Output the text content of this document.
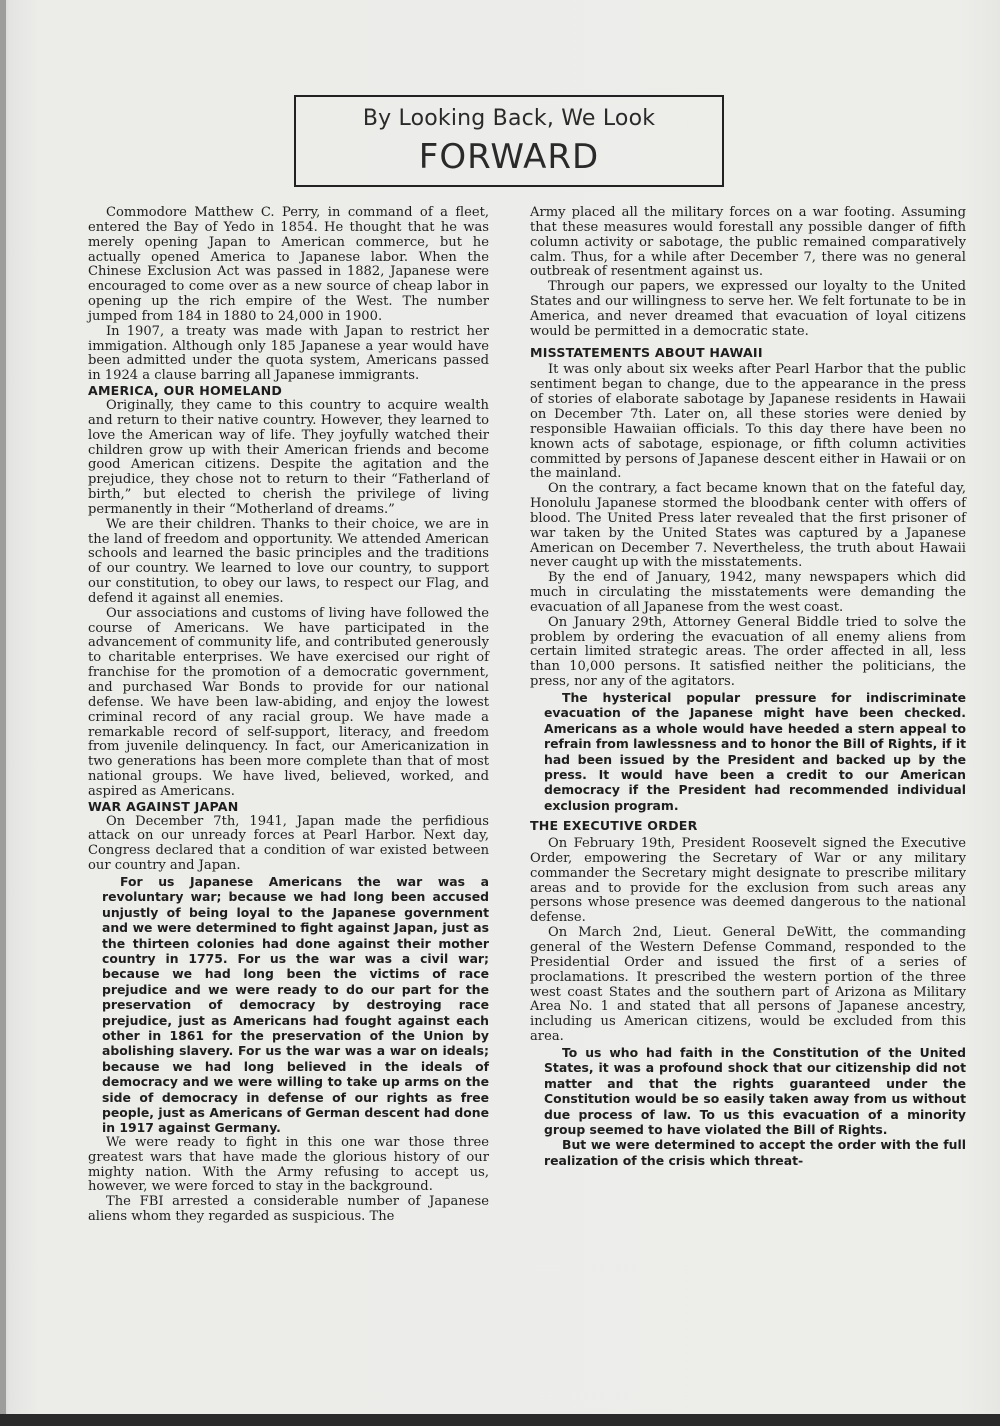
By Looking Back, We Look
FORWARD
Commodore Matthew C. Perry, in command of a fleet, entered the Bay of Yedo in 1854. He thought that he was merely opening Japan to American commerce, but he actually opened America to Japanese labor. When the Chinese Exclusion Act was passed in 1882, Japanese were encouraged to come over as a new source of cheap labor in opening up the rich empire of the West. The number jumped from 184 in 1880 to 24,000 in 1900.
In 1907, a treaty was made with Japan to restrict her immigation. Although only 185 Japanese a year would have been admitted under the quota system, Americans passed in 1924 a clause barring all Japanese immigrants.
AMERICA, OUR HOMELAND
Originally, they came to this country to acquire wealth and return to their native country. However, they learned to love the American way of life. They joyfully watched their children grow up with their American friends and become good American citizens. Despite the agitation and the prejudice, they chose not to return to their “Fatherland of birth,” but elected to cherish the privilege of living permanently in their “Motherland of dreams.”
We are their children. Thanks to their choice, we are in the land of freedom and opportunity. We attended American schools and learned the basic principles and the traditions of our country. We learned to love our country, to support our constitution, to obey our laws, to respect our Flag, and defend it against all enemies.
Our associations and customs of living have followed the course of Americans. We have participated in the advancement of community life, and contributed generously to charitable enterprises. We have exercised our right of franchise for the promotion of a democratic government, and purchased War Bonds to provide for our national defense. We have been law-abiding, and enjoy the lowest criminal record of any racial group. We have made a remarkable record of self-support, literacy, and freedom from juvenile delinquency. In fact, our Americanization in two generations has been more complete than that of most national groups. We have lived, believed, worked, and aspired as Americans.
WAR AGAINST JAPAN
On December 7th, 1941, Japan made the perfidious attack on our unready forces at Pearl Harbor. Next day, Congress declared that a condition of war existed between our country and Japan.
For us Japanese Americans the war was a revoluntary war; because we had long been accused unjustly of being loyal to the Japanese government and we were determined to fight against Japan, just as the thirteen colonies had done against their mother country in 1775. For us the war was a civil war; because we had long been the victims of race prejudice and we were ready to do our part for the preservation of democracy by destroying race prejudice, just as Americans had fought against each other in 1861 for the preservation of the Union by abolishing slavery. For us the war was a war on ideals; because we had long believed in the ideals of democracy and we were willing to take up arms on the side of democracy in defense of our rights as free people, just as Americans of German descent had done in 1917 against Germany.
We were ready to fight in this one war those three greatest wars that have made the glorious history of our mighty nation. With the Army refusing to accept us, however, we were forced to stay in the background.
The FBI arrested a considerable number of Japanese aliens whom they regarded as suspicious. The
Army placed all the military forces on a war footing. Assuming that these measures would forestall any possible danger of fifth column activity or sabotage, the public remained comparatively calm. Thus, for a while after December 7, there was no general outbreak of resentment against us.
Through our papers, we expressed our loyalty to the United States and our willingness to serve her. We felt fortunate to be in America, and never dreamed that evacuation of loyal citizens would be permitted in a democratic state.
MISSTATEMENTS ABOUT HAWAII
It was only about six weeks after Pearl Harbor that the public sentiment began to change, due to the appearance in the press of stories of elaborate sabotage by Japanese residents in Hawaii on December 7th. Later on, all these stories were denied by responsible Hawaiian officials. To this day there have been no known acts of sabotage, espionage, or fifth column activities committed by persons of Japanese descent either in Hawaii or on the mainland.
On the contrary, a fact became known that on the fateful day, Honolulu Japanese stormed the bloodbank center with offers of blood. The United Press later revealed that the first prisoner of war taken by the United States was captured by a Japanese American on December 7. Nevertheless, the truth about Hawaii never caught up with the misstatements.
By the end of January, 1942, many newspapers which did much in circulating the misstatements were demanding the evacuation of all Japanese from the west coast.
On January 29th, Attorney General Biddle tried to solve the problem by ordering the evacuation of all enemy aliens from certain limited strategic areas. The order affected in all, less than 10,000 persons. It satisfied neither the politicians, the press, nor any of the agitators.
The hysterical popular pressure for indiscriminate evacuation of the Japanese might have been checked. Americans as a whole would have heeded a stern appeal to refrain from lawlessness and to honor the Bill of Rights, if it had been issued by the President and backed up by the press. It would have been a credit to our American democracy if the President had recommended individual exclusion program.
THE EXECUTIVE ORDER
On February 19th, President Roosevelt signed the Executive Order, empowering the Secretary of War or any military commander the Secretary might designate to prescribe military areas and to provide for the exclusion from such areas any persons whose presence was deemed dangerous to the national defense.
On March 2nd, Lieut. General DeWitt, the commanding general of the Western Defense Command, responded to the Presidential Order and issued the first of a series of proclamations. It prescribed the western portion of the three west coast States and the southern part of Arizona as Military Area No. 1 and stated that all persons of Japanese ancestry, including us American citizens, would be excluded from this area.
To us who had faith in the Constitution of the United States, it was a profound shock that our citizenship did not matter and that the rights guaranteed under the Constitution would be so easily taken away from us without due process of law. To us this evacuation of a minority group seemed to have violated the Bill of Rights.
But we were determined to accept the order with the full realization of the crisis which threat-
